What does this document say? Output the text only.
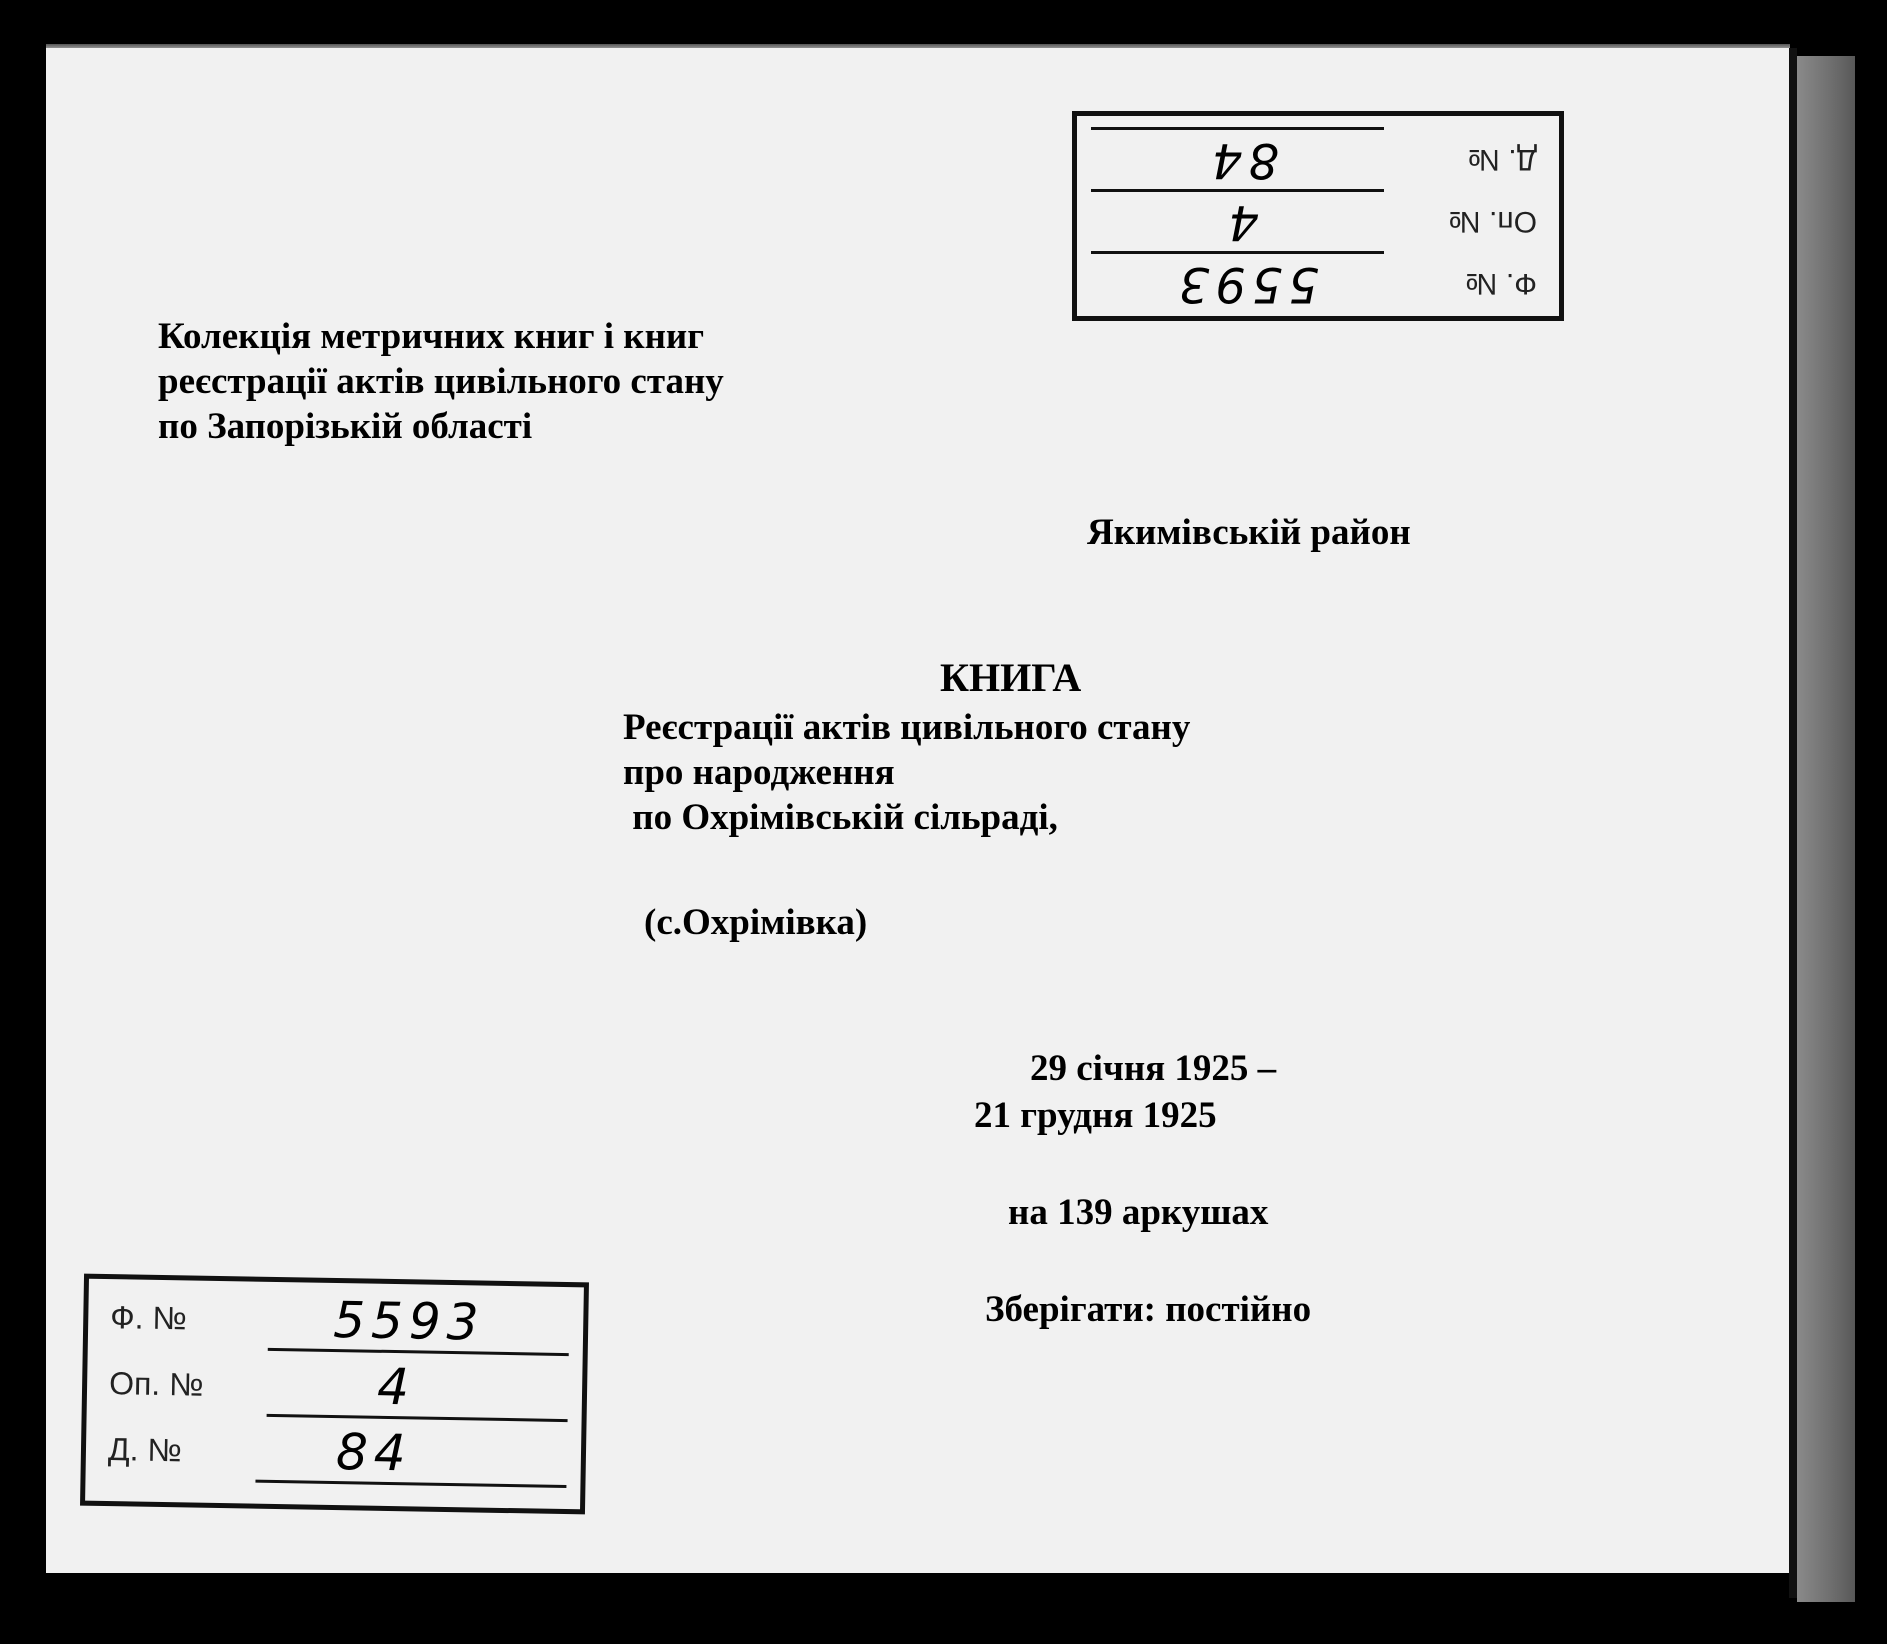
Ф. №
5593
Оп. №
4
Д. №
84
Колекція метричних книг і книг
реєстрації актів цивільного стану
по Запорізькій області
Якимівській район
КНИГА
Реєстрації актів цивільного стану
про народження
по Охрімівській сільраді,
(с.Охрімівка)
29 січня 1925 –
21 грудня 1925
на 139 аркушах
Зберігати: постійно
Ф. №	5593
Оп. №	4
Д. №	84
